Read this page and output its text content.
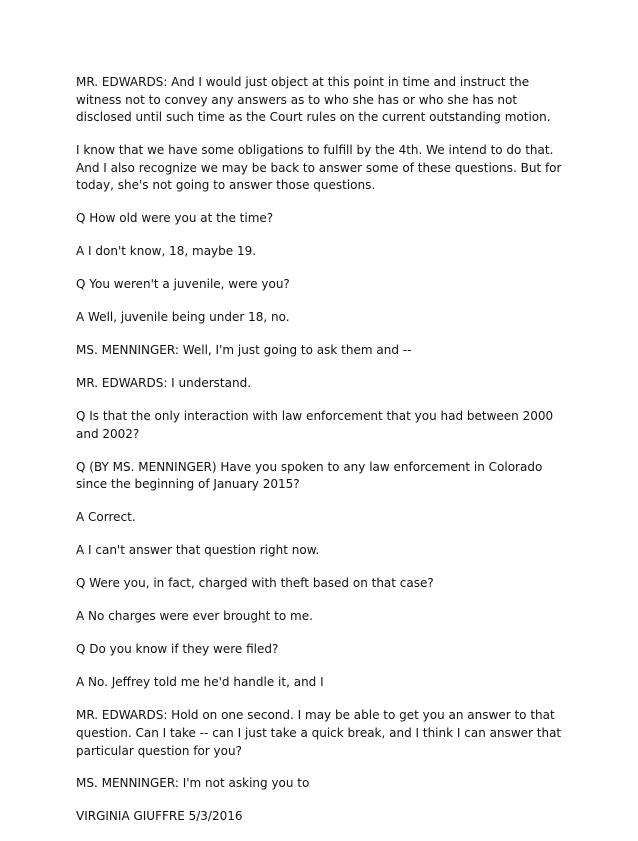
MR. EDWARDS: And I would just object at this point in time and instruct the witness not to convey any answers as to who she has or who she has not disclosed until such time as the Court rules on the current outstanding motion.

I know that we have some obligations to fulfill by the 4th. We intend to do that. And I also recognize we may be back to answer some of these questions. But for today, she's not going to answer those questions.

Q How old were you at the time?

A I don't know, 18, maybe 19.

Q You weren't a juvenile, were you?

A Well, juvenile being under 18, no.

MS. MENNINGER: Well, I'm just going to ask them and --

MR. EDWARDS: I understand.

Q Is that the only interaction with law enforcement that you had between 2000 and 2002?

Q (BY MS. MENNINGER) Have you spoken to any law enforcement in Colorado since the beginning of January 2015?

A Correct.

A I can't answer that question right now.

Q Were you, in fact, charged with theft based on that case?

A No charges were ever brought to me.

Q Do you know if they were filed?

A No. Jeffrey told me he'd handle it, and I

MR. EDWARDS: Hold on one second. I may be able to get you an answer to that question. Can I take -- can I just take a quick break, and I think I can answer that particular question for you?

MS. MENNINGER: I'm not asking you to

VIRGINIA GIUFFRE 5/3/2016
